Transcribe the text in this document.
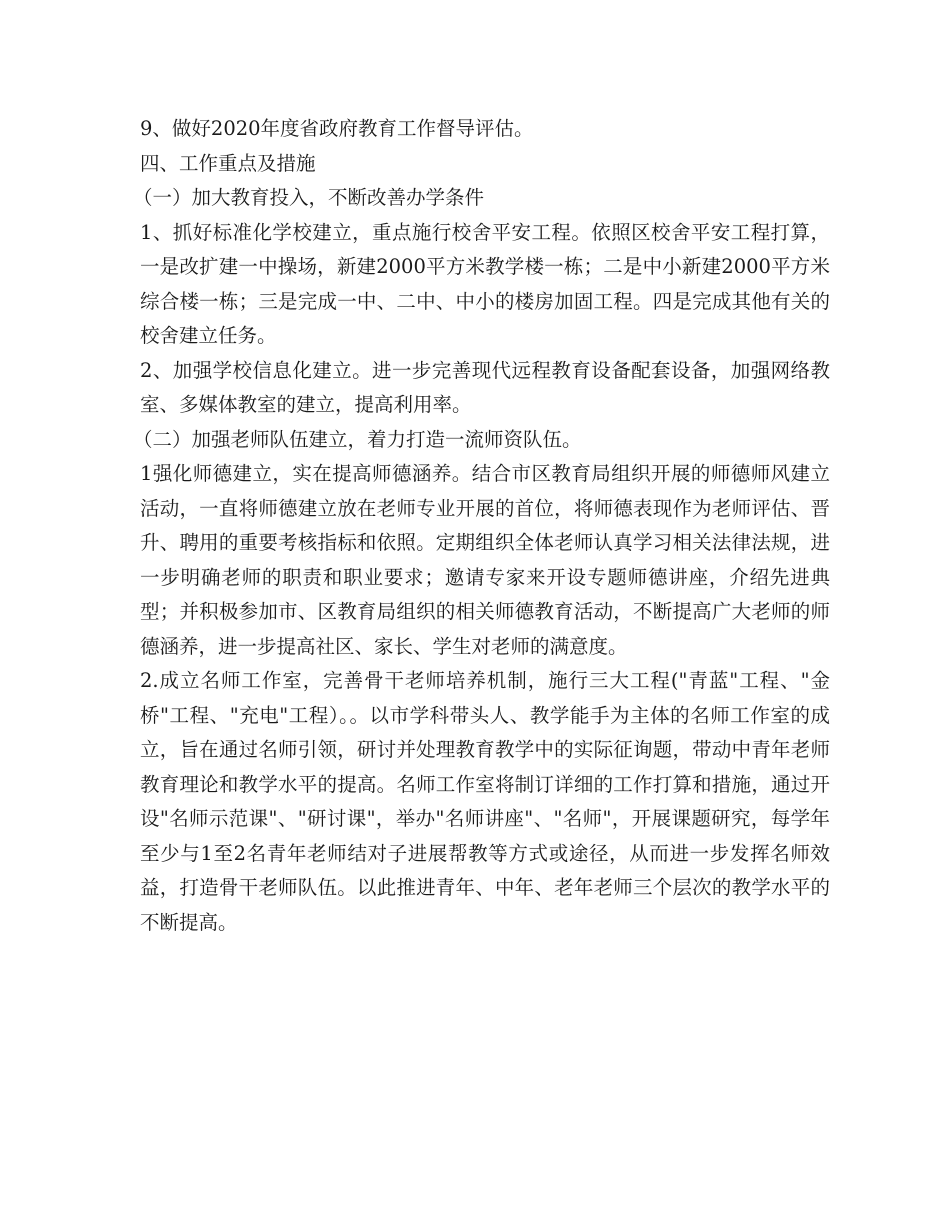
9、做好2020年度省政府教育工作督导评估。

四、工作重点及措施

（一）加大教育投入，不断改善办学条件

1、抓好标准化学校建立，重点施行校舍平安工程。依照区校舍平安工程打算，一是改扩建一中操场，新建2000平方米教学楼一栋；二是中小新建2000平方米综合楼一栋；三是完成一中、二中、中小的楼房加固工程。四是完成其他有关的校舍建立任务。

2、加强学校信息化建立。进一步完善现代远程教育设备配套设备，加强网络教室、多媒体教室的建立，提高利用率。

（二）加强老师队伍建立，着力打造一流师资队伍。

1强化师德建立，实在提高师德涵养。结合市区教育局组织开展的师德师风建立活动，一直将师德建立放在老师专业开展的首位，将师德表现作为老师评估、晋升、聘用的重要考核指标和依照。定期组织全体老师认真学习相关法律法规，进一步明确老师的职责和职业要求；邀请专家来开设专题师德讲座，介绍先进典型；并积极参加市、区教育局组织的相关师德教育活动，不断提高广大老师的师德涵养，进一步提高社区、家长、学生对老师的满意度。

2.成立名师工作室，完善骨干老师培养机制，施行三大工程("青蓝"工程、"金桥"工程、"充电"工程）。。以市学科带头人、教学能手为主体的名师工作室的成立，旨在通过名师引领，研讨并处理教育教学中的实际征询题，带动中青年老师教育理论和教学水平的提高。名师工作室将制订详细的工作打算和措施，通过开设"名师示范课"、"研讨课"，举办"名师讲座"、"名师"，开展课题研究，每学年至少与1至2名青年老师结对子进展帮教等方式或途径，从而进一步发挥名师效益，打造骨干老师队伍。以此推进青年、中年、老年老师三个层次的教学水平的不断提高。
